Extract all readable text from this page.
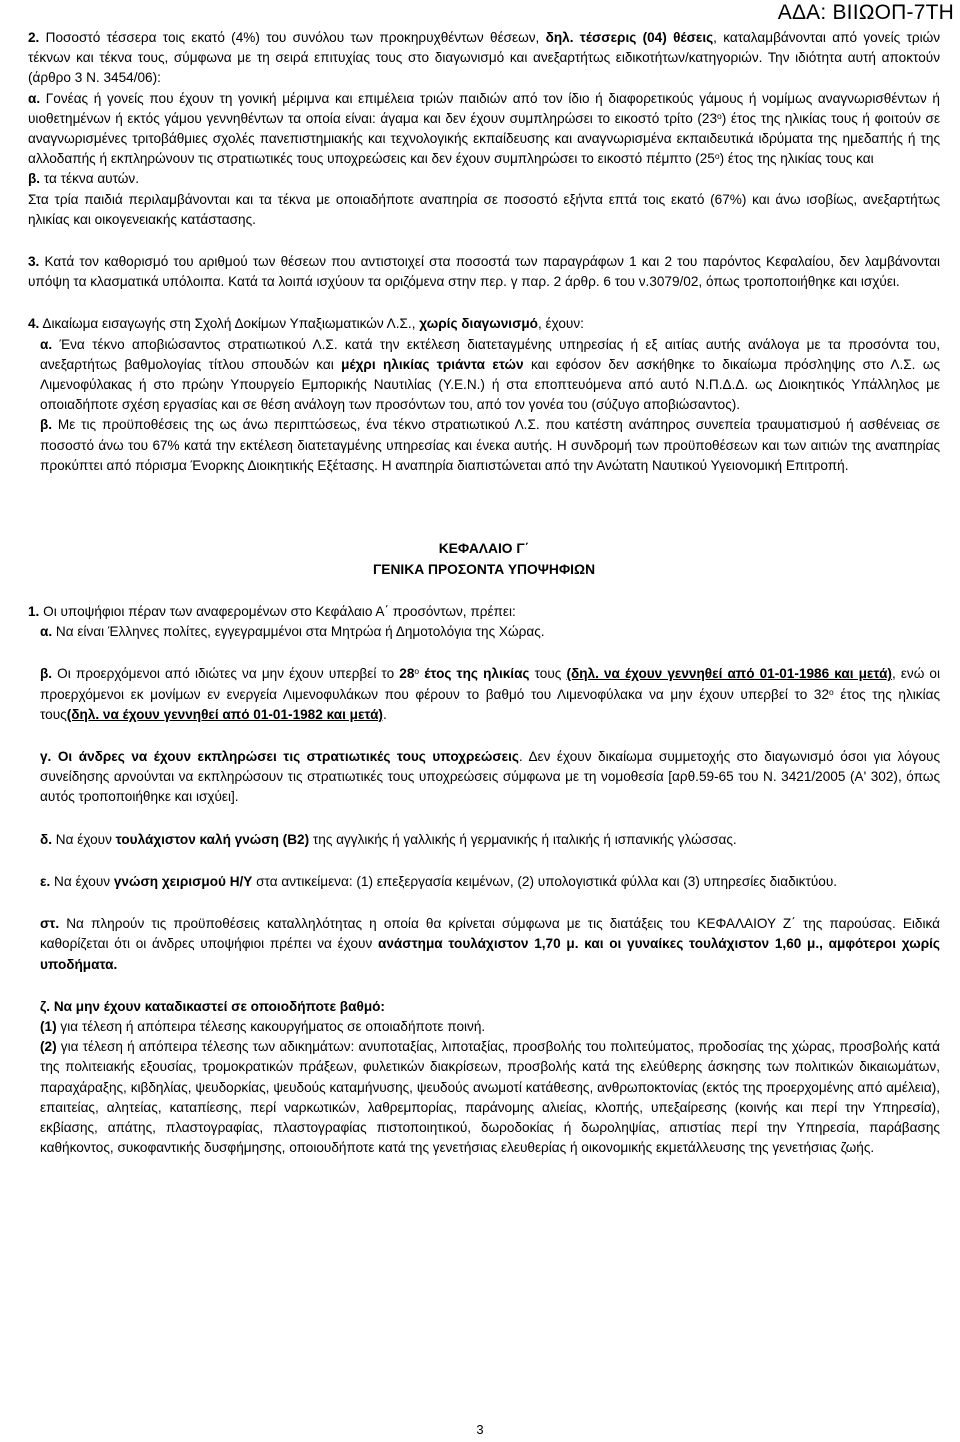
ΑΔΑ: ΒΙΙΩΟΠ-7ΤΗ

2. Ποσοστό τέσσερα τοις εκατό (4%) του συνόλου των προκηρυχθέντων θέσεων, δηλ. τέσσερις (04) θέσεις, καταλαμβάνονται από γονείς τριών τέκνων και τέκνα τους, σύμφωνα με τη σειρά επιτυχίας τους στο διαγωνισμό και ανεξαρτήτως ειδικοτήτων/κατηγοριών. Την ιδιότητα αυτή αποκτούν (άρθρο 3 Ν. 3454/06):

α. Γονέας ή γονείς που έχουν τη γονική μέριμνα και επιμέλεια τριών παιδιών από τον ίδιο ή διαφορετικούς γάμους ή νομίμως αναγνωρισθέντων ή υιοθετημένων ή εκτός γάμου γεννηθέντων τα οποία είναι: άγαμα και δεν έχουν συμπληρώσει το εικοστό τρίτο $(23^o)$ έτος της ηλικίας τους ή φοιτούν σε αναγνωρισμένες τριτοβάθμιες σχολές πανεπιστημιακής και τεχνολογικής εκπαίδευσης και αναγνωρισμένα εκπαιδευτικά ιδρύματα της ημεδαπής ή της αλλοδαπής ή εκπληρώνουν τις στρατιωτικές τους υποχρεώσεις και δεν έχουν συμπληρώσει το εικοστό πέμπτο $(25^o)$ έτος της ηλικίας τους και

β. τα τέκνα αυτών.

Στα τρία παιδιά περιλαμβάνονται και τα τέκνα με οποιαδήποτε αναπηρία σε ποσοστό εξήντα επτά τοις εκατό (67%) και άνω ισοβίως, ανεξαρτήτως ηλικίας και οικογενειακής κατάστασης.

3. Κατά τον καθορισμό του αριθμού των θέσεων που αντιστοιχεί στα ποσοστά των παραγράφων 1 και 2 του παρόντος Κεφαλαίου, δεν λαμβάνονται υπόψη τα κλασματικά υπόλοιπα. Κατά τα λοιπά ισχύουν τα οριζόμενα στην περ. γ παρ. 2 άρθρ. 6 του ν.3079/02, όπως τροποποιήθηκε και ισχύει.

4. Δικαίωμα εισαγωγής στη Σχολή Δοκίμων Υπαξιωματικών Λ.Σ., χωρίς διαγωνισμό, έχουν:

α. Ένα τέκνο αποβιώσαντος στρατιωτικού Λ.Σ. κατά την εκτέλεση διατεταγμένης υπηρεσίας ή εξ αιτίας αυτής ανάλογα με τα προσόντα του, ανεξαρτήτως βαθμολογίας τίτλου σπουδών και μέχρι ηλικίας τριάντα ετών και εφόσον δεν ασκήθηκε το δικαίωμα πρόσληψης στο Λ.Σ. ως Λιμενοφύλακας ή στο πρώην Υπουργείο Εμπορικής Ναυτιλίας (Υ.Ε.Ν.) ή στα εποπτευόμενα από αυτό Ν.Π.Δ.Δ. ως Διοικητικός Υπάλληλος με οποιαδήποτε σχέση εργασίας και σε θέση ανάλογη των προσόντων του, από τον γονέα του (σύζυγο αποβιώσαντος).

β. Με τις προϋποθέσεις της ως άνω περιπτώσεως, ένα τέκνο στρατιωτικού Λ.Σ. που κατέστη ανάπηρος συνεπεία τραυματισμού ή ασθένειας σε ποσοστό άνω του 67% κατά την εκτέλεση διατεταγμένης υπηρεσίας και ένεκα αυτής. Η συνδρομή των προϋποθέσεων και των αιτιών της αναπηρίας προκύπτει από πόρισμα Ένορκης Διοικητικής Εξέτασης. Η αναπηρία διαπιστώνεται από την Ανώτατη Ναυτικού Υγειονομική Επιτροπή.

ΚΕΦΑΛΑΙΟ Γ΄

ΓΕΝΙΚΑ ΠΡΟΣΟΝΤΑ ΥΠΟΨΗΦΙΩΝ

1. Οι υποψήφιοι πέραν των αναφερομένων στο Κεφάλαιο Α΄ προσόντων, πρέπει:

α. Να είναι Έλληνες πολίτες, εγγεγραμμένοι στα Μητρώα ή Δημοτολόγια της Χώρας.

β. Οι προερχόμενοι από ιδιώτες να μην έχουν υπερβεί το $28^o$ έτος της ηλικίας τους (δηλ. να έχουν γεννηθεί από 01-01-1986 και μετά), ενώ οι προερχόμενοι εκ μονίμων εν ενεργεία Λιμενοφυλάκων που φέρουν το βαθμό του Λιμενοφύλακα να μην έχουν υπερβεί το $32^o$ έτος της ηλικίας τους(δηλ. να έχουν γεννηθεί από 01-01-1982 και μετά).

γ. Οι άνδρες να έχουν εκπληρώσει τις στρατιωτικές τους υποχρεώσεις. Δεν έχουν δικαίωμα συμμετοχής στο διαγωνισμό όσοι για λόγους συνείδησης αρνούνται να εκπληρώσουν τις στρατιωτικές τους υποχρεώσεις σύμφωνα με τη νομοθεσία [αρθ.59-65 του Ν. 3421/2005 (Α' 302), όπως αυτός τροποποιήθηκε και ισχύει].

δ. Να έχουν τουλάχιστον καλή γνώση (Β2) της αγγλικής ή γαλλικής ή γερμανικής ή ιταλικής ή ισπανικής γλώσσας.

ε. Να έχουν γνώση χειρισμού Η/Υ στα αντικείμενα: (1) επεξεργασία κειμένων, (2) υπολογιστικά φύλλα και (3) υπηρεσίες διαδικτύου.

στ. Να πληρούν τις προϋποθέσεις καταλληλότητας η οποία θα κρίνεται σύμφωνα με τις διατάξεις του ΚΕΦΑΛΑΙΟΥ Ζ΄ της παρούσας. Ειδικά καθορίζεται ότι οι άνδρες υποψήφιοι πρέπει να έχουν ανάστημα τουλάχιστον 1,70 μ. και οι γυναίκες τουλάχιστον 1,60 μ., αμφότεροι χωρίς υποδήματα.

ζ. Να μην έχουν καταδικαστεί σε οποιοδήποτε βαθμό:

(1) για τέλεση ή απόπειρα τέλεσης κακουργήματος σε οποιαδήποτε ποινή.

(2) για τέλεση ή απόπειρα τέλεσης των αδικημάτων: ανυποταξίας, λιποταξίας, προσβολής του πολιτεύματος, προδοσίας της χώρας, προσβολής κατά της πολιτειακής εξουσίας, τρομοκρατικών πράξεων, φυλετικών διακρίσεων, προσβολής κατά της ελεύθερης άσκησης των πολιτικών δικαιωμάτων, παραχάραξης, κιβδηλίας, ψευδορκίας, ψευδούς καταμήνυσης, ψευδούς ανωμοτί κατάθεσης, ανθρωποκτονίας (εκτός της προερχομένης από αμέλεια), επαιτείας, αλητείας, καταπίεσης, περί ναρκωτικών, λαθρεμπορίας, παράνομης αλιείας, κλοπής, υπεξαίρεσης (κοινής και περί την Υπηρεσία), εκβίασης, απάτης, πλαστογραφίας, πλαστογραφίας πιστοποιητικού, δωροδοκίας ή δωροληψίας, απιστίας περί την Υπηρεσία, παράβασης καθήκοντος, συκοφαντικής δυσφήμησης, οποιουδήποτε κατά της γενετήσιας ελευθερίας ή οικονομικής εκμετάλλευσης της γενετήσιας ζωής.

3
